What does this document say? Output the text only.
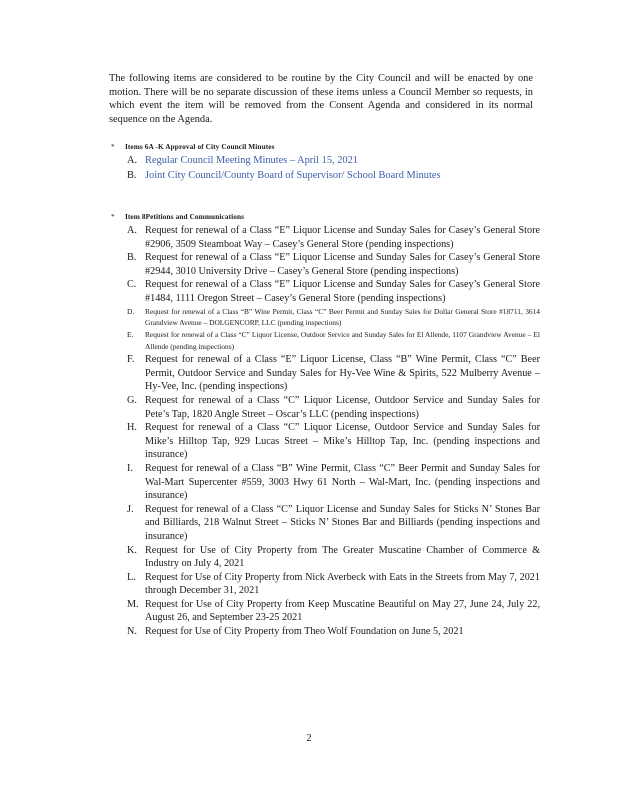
The following items are considered to be routine by the City Council and will be enacted by one motion. There will be no separate discussion of these items unless a Council Member so requests, in which event the item will be removed from the Consent Agenda and considered in its normal sequence on the Agenda.
* Items 6A -K Approval of City Council Minutes
A. Regular Council Meeting Minutes – April 15, 2021
B. Joint City Council/County Board of Supervisor/ School Board Minutes
* Item 8Petitions and Communications
A. Request for renewal of a Class “E” Liquor License and Sunday Sales for Casey’s General Store #2906, 3509 Steamboat Way – Casey’s General Store (pending inspections)
B. Request for renewal of a Class “E” Liquor License and Sunday Sales for Casey’s General Store #2944, 3010 University Drive – Casey’s General Store (pending inspections)
C. Request for renewal of a Class “E” Liquor License and Sunday Sales for Casey’s General Store #1484, 1111 Oregon Street – Casey’s General Store (pending inspections)
D. Request for renewal of a Class “B” Wine Permit, Class “C” Beer Permit and Sunday Sales for Dollar General Store #18711, 3614 Grandview Avenue – DOLGENCORP, LLC (pending inspections)
E. Request for renewal of a Class “C” Liquor License, Outdoor Service and Sunday Sales for El Allende, 1107 Grandview Avenue – El Allende (pending inspections)
F. Request for renewal of a Class “E” Liquor License, Class “B” Wine Permit, Class “C” Beer Permit, Outdoor Service and Sunday Sales for Hy-Vee Wine & Spirits, 522 Mulberry Avenue – Hy-Vee, Inc. (pending inspections)
G. Request for renewal of a Class “C” Liquor License, Outdoor Service and Sunday Sales for Pete’s Tap, 1820 Angle Street – Oscar’s LLC (pending inspections)
H. Request for renewal of a Class “C” Liquor License, Outdoor Service and Sunday Sales for Mike’s Hilltop Tap, 929 Lucas Street – Mike’s Hilltop Tap, Inc. (pending inspections and insurance)
I. Request for renewal of a Class “B” Wine Permit, Class “C” Beer Permit and Sunday Sales for Wal-Mart Supercenter #559, 3003 Hwy 61 North – Wal-Mart, Inc. (pending inspections and insurance)
J. Request for renewal of a Class “C” Liquor License and Sunday Sales for Sticks N’ Stones Bar and Billiards, 218 Walnut Street – Sticks N’ Stones Bar and Billiards (pending inspections and insurance)
K. Request for Use of City Property from The Greater Muscatine Chamber of Commerce & Industry on July 4, 2021
L. Request for Use of City Property from Nick Averbeck with Eats in the Streets from May 7, 2021 through December 31, 2021
M. Request for Use of City Property from Keep Muscatine Beautiful on May 27, June 24, July 22, August 26, and September 23-25 2021
N. Request for Use of City Property from Theo Wolf Foundation on June 5, 2021
2
